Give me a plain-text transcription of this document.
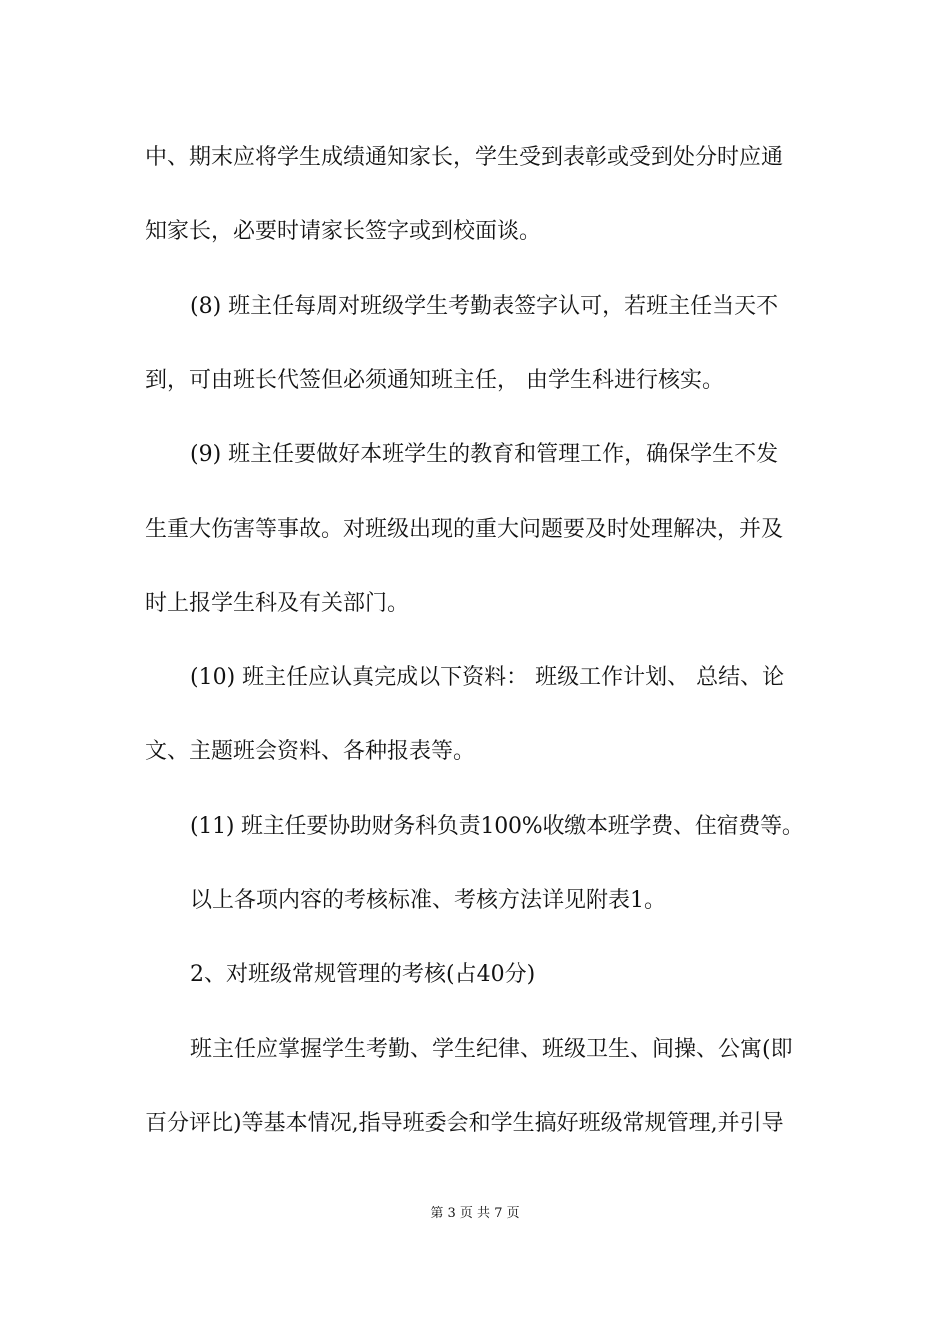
中、期末应将学生成绩通知家长，学生受到表彰或受到处分时应通
知家长，必要时请家长签字或到校面谈。
(8) 班主任每周对班级学生考勤表签字认可，若班主任当天不
到，可由班长代签但必须通知班主任， 由学生科进行核实。
(9) 班主任要做好本班学生的教育和管理工作，确保学生不发
生重大伤害等事故。对班级出现的重大问题要及时处理解决，并及
时上报学生科及有关部门。
(10) 班主任应认真完成以下资料： 班级工作计划、 总结、论
文、主题班会资料、各种报表等。
(11) 班主任要协助财务科负责100%收缴本班学费、住宿费等。
以上各项内容的考核标准、考核方法详见附表1。
2、对班级常规管理的考核(占40分)
班主任应掌握学生考勤、学生纪律、班级卫生、间操、公寓(即
百分评比)等基本情况,指导班委会和学生搞好班级常规管理,并引导
第 3 页 共 7 页
